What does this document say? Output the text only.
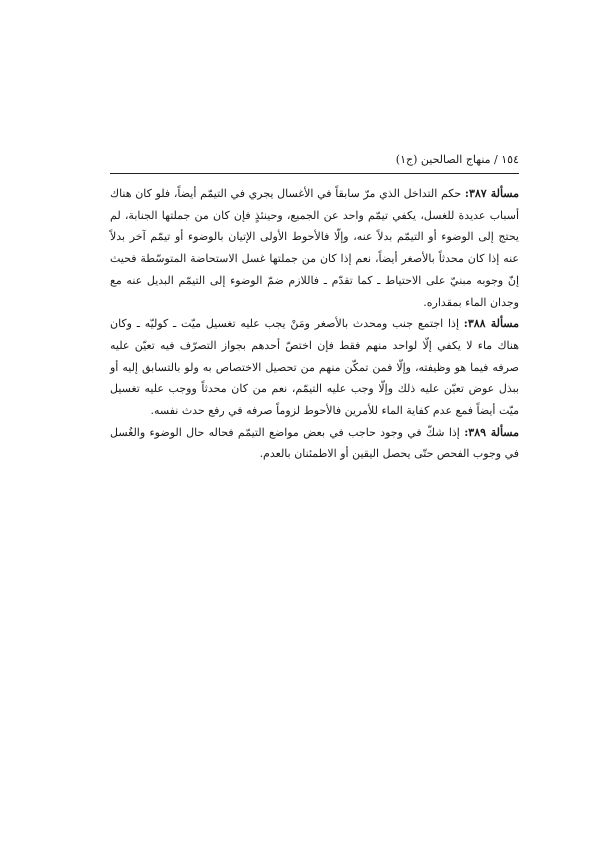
١٥٤ / منهاج الصالحين (ج١)

مسألة ٣٨٧: حكم التداخل الذي مرّ سابقاً في الأغسال يجري في التيمّم أيضاً، فلو كان هناك أسباب عديدة للغسل، يكفي تيمّم واحد عن الجميع، وحينئذٍ فإن كان من جملتها الجنابة، لم يحتج إلى الوضوء أو التيمّم بدلاً عنه، وإلّا فالأحوط الأولى الإتيان بالوضوء أو تيمّم آخر بدلاً عنه إذا كان محدثاً بالأصغر أيضاً، نعم إذا كان من جملتها غسل الاستحاضة المتوسّطة فحيث إنّ وجوبه مبنيّ على الاحتياط ـ كما تقدّم ـ فاللازم ضمّ الوضوء إلى التيمّم البديل عنه مع وجدان الماء بمقداره.

مسألة ٣٨٨: إذا اجتمع جنب ومحدث بالأصغر ومَنْ يجب عليه تغسيل ميّت ـ كوليّه ـ وكان هناك ماء لا يكفي إلّا لواحد منهم فقط فإن اختصّ أحدهم بجواز التصرّف فيه تعيّن عليه صرفه فيما هو وظيفته، وإلّا فمن تمكّن منهم من تحصيل الاختصاص به ولو بالتسابق إليه أو ببذل عوض تعيّن عليه ذلك وإلّا وجب عليه التيمّم، نعم من كان محدثاً ووجب عليه تغسيل ميّت أيضاً فمع عدم كفاية الماء للأمرين فالأحوط لزوماً صرفه في رفع حدث نفسه.

مسألة ٣٨٩: إذا شكّ في وجود حاجب في بعض مواضع التيمّم فحاله حال الوضوء والغُسل في وجوب الفحص حتّى يحصل اليقين أو الاطمئنان بالعدم.
